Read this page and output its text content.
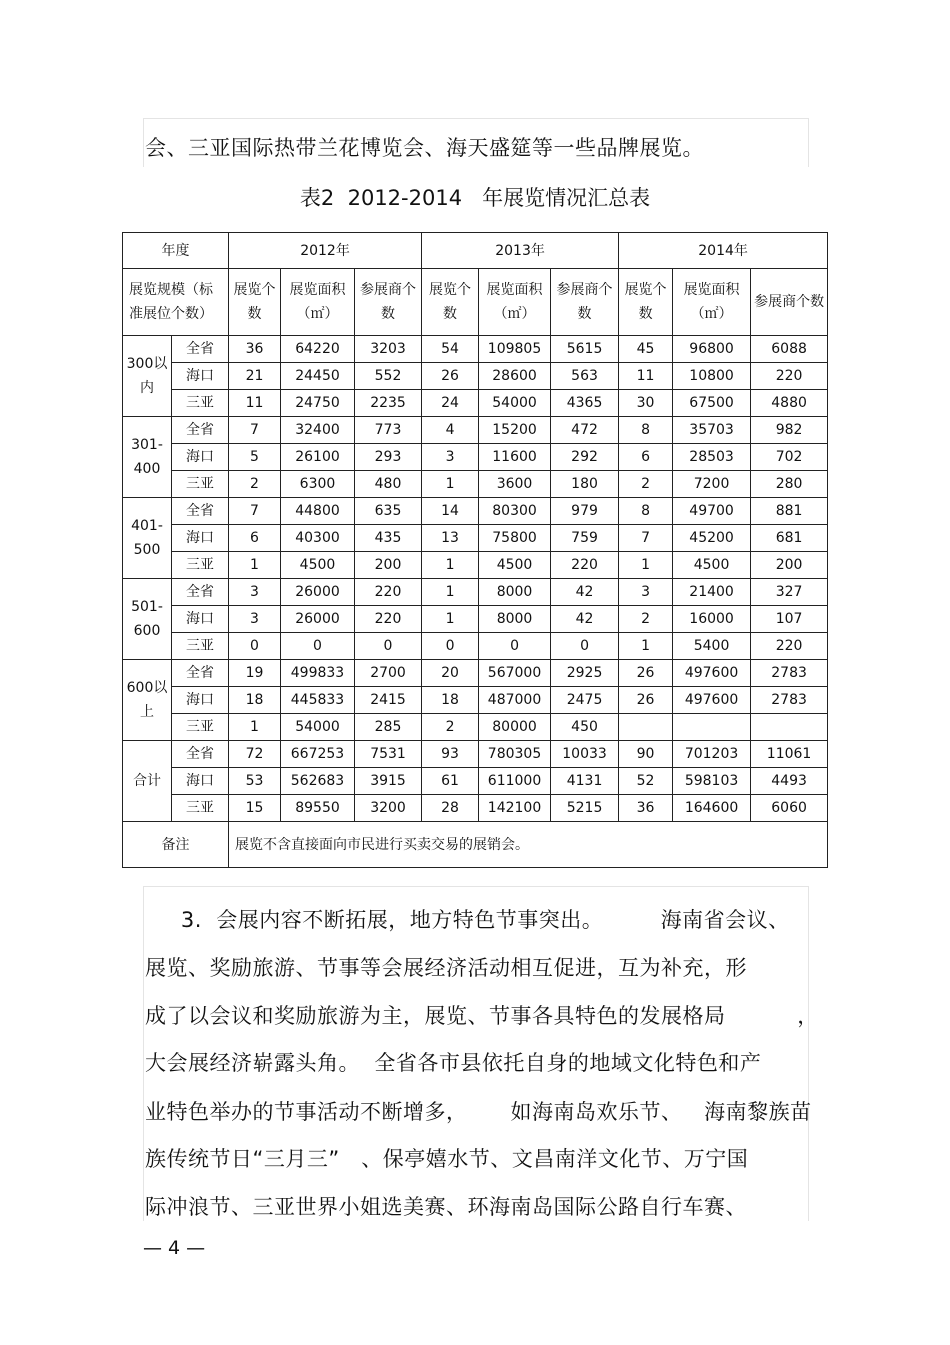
会、三亚国际热带兰花博览会、海天盛筵等一些品牌展览。
表2  2012-2014   年展览情况汇总表
年度		2012年			2013年			2014年		
展览规模（标准展位个数）		展览个数	展览面积（㎡）	参展商个数	展览个数	展览面积（㎡）	参展商个数	展览个数	展览面积（㎡）	参展商个数
300以内	全省	36	64220	3203	54	109805	5615	45	96800	6088
	海口	21	24450	552	26	28600	563	11	10800	220
	三亚	11	24750	2235	24	54000	4365	30	67500	4880
301-400	全省	7	32400	773	4	15200	472	8	35703	982
	海口	5	26100	293	3	11600	292	6	28503	702
	三亚	2	6300	480	1	3600	180	2	7200	280
401-500	全省	7	44800	635	14	80300	979	8	49700	881
	海口	6	40300	435	13	75800	759	7	45200	681
	三亚	1	4500	200	1	4500	220	1	4500	200
501-600	全省	3	26000	220	1	8000	42	3	21400	327
	海口	3	26000	220	1	8000	42	2	16000	107
	三亚	0	0	0	0	0	0	1	5400	220
600以上	全省	19	499833	2700	20	567000	2925	26	497600	2783
	海口	18	445833	2415	18	487000	2475	26	497600	2783
	三亚	1	54000	285	2	80000	450			
合计	全省	72	667253	7531	93	780305	10033	90	701203	11061
	海口	53	562683	3915	61	611000	4131	52	598103	4493
	三亚	15	89550	3200	28	142100	5215	36	164600	6060
备注		展览不含直接面向市民进行买卖交易的展销会。								
3.  会展内容不断拓展，地方特色节事突出。        海南省会议、
展览、奖励旅游、节事等会展经济活动相互促进，互为补充，形
成了以会议和奖励旅游为主，展览、节事各具特色的发展格局          ，
大会展经济崭露头角。  全省各市县依托自身的地域文化特色和产
业特色举办的节事活动不断增多，      如海南岛欢乐节、   海南黎族苗
族传统节日“三月三”   、保亭嬉水节、文昌南洋文化节、万宁国
际冲浪节、三亚世界小姐选美赛、环海南岛国际公路自行车赛、
— 4 —
